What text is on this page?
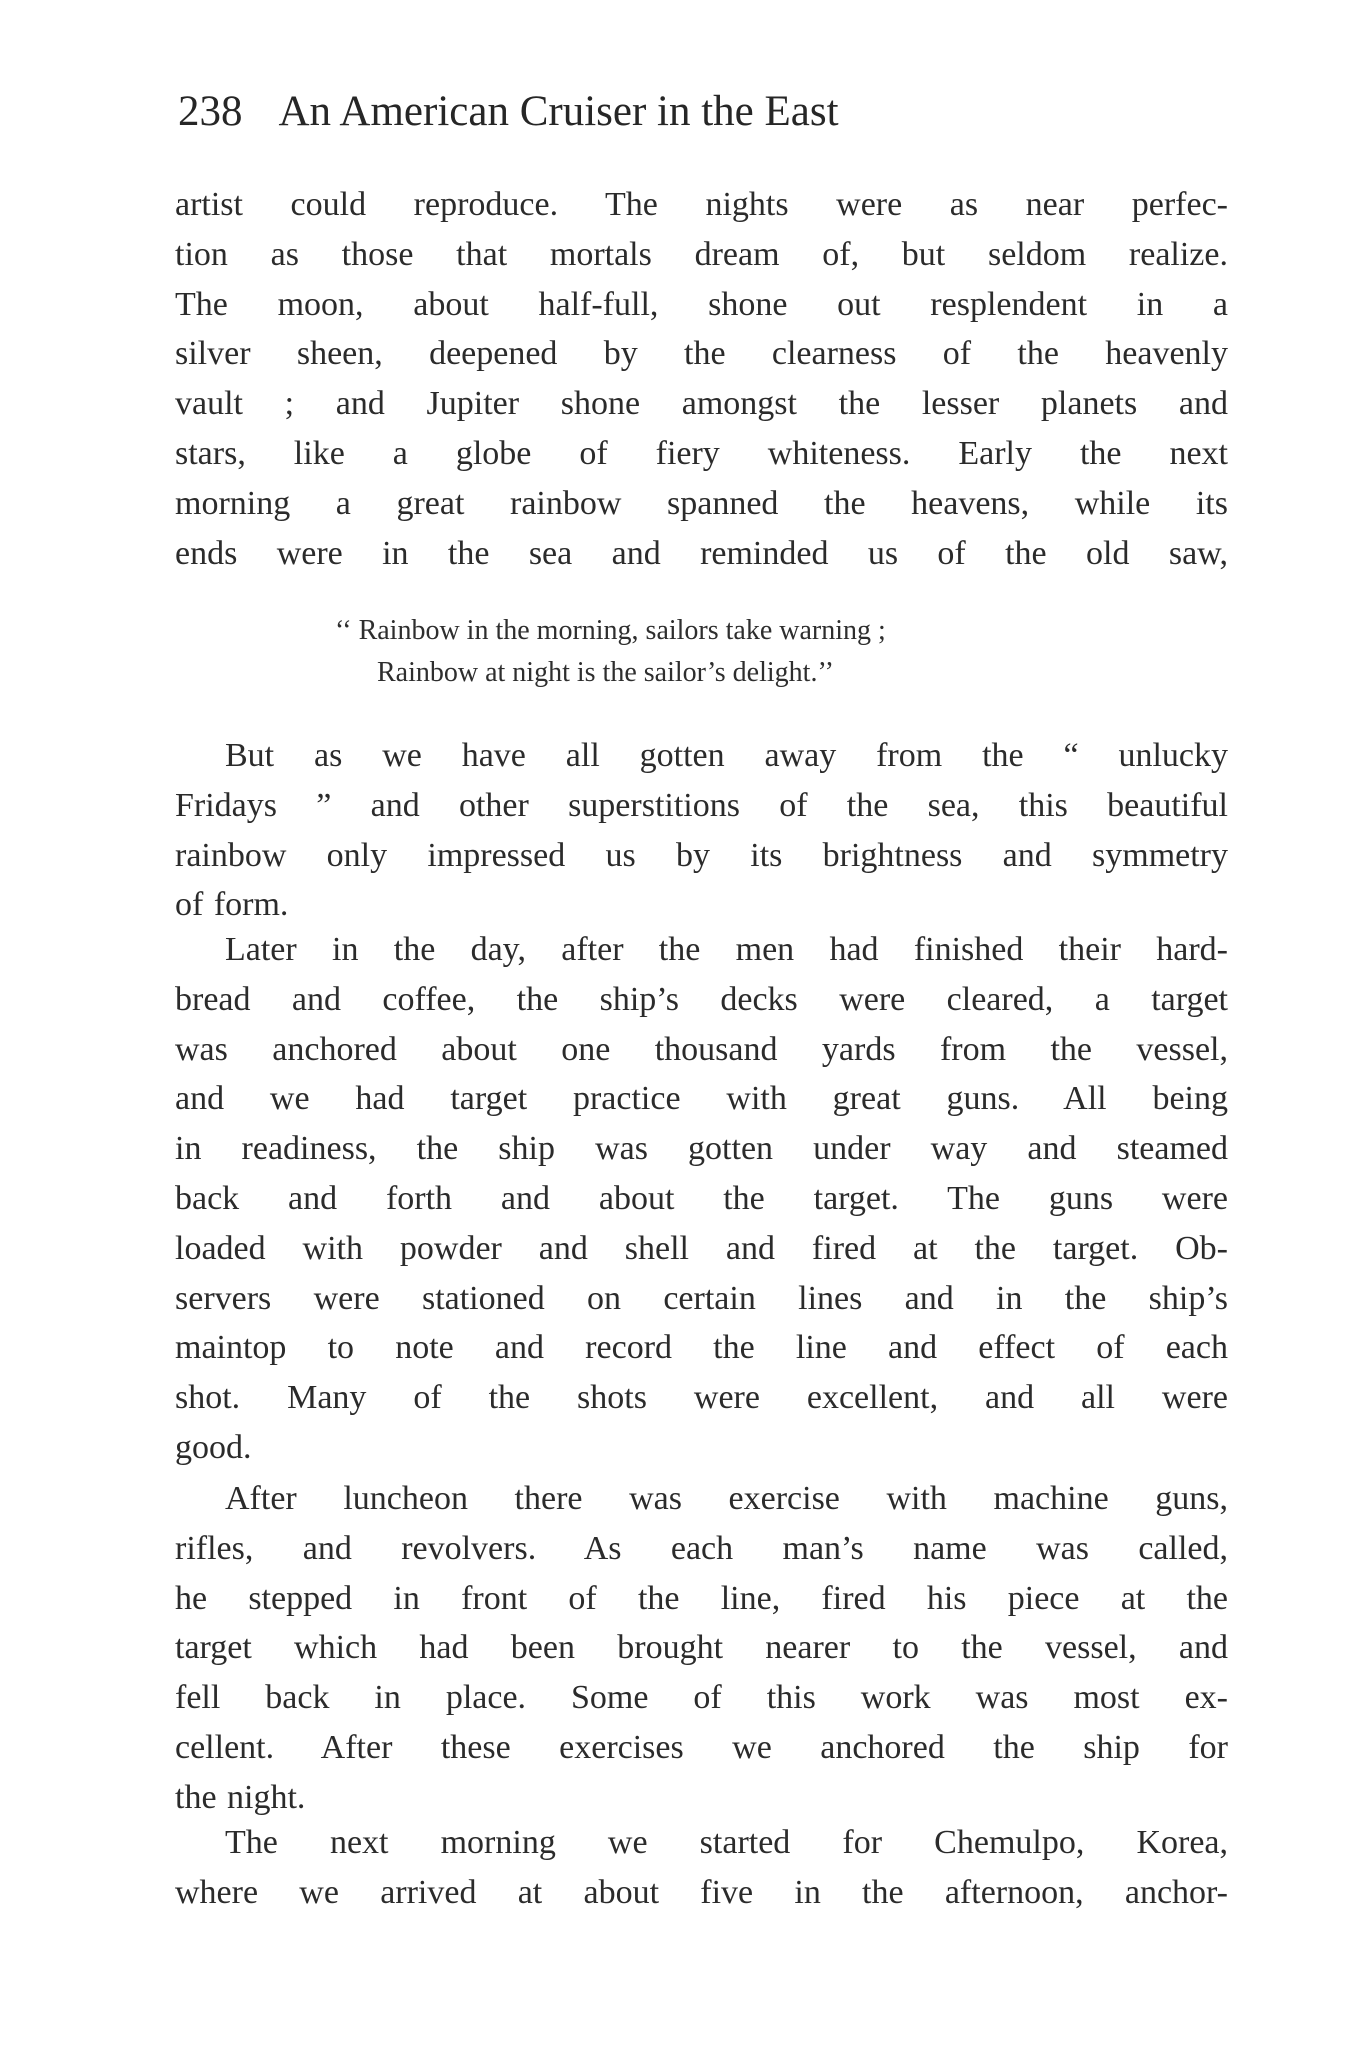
238 An American Cruiser in the East
artist could reproduce. The nights were as near perfec-
tion as those that mortals dream of, but seldom realize.
The moon, about half-full, shone out resplendent in a
silver sheen, deepened by the clearness of the heavenly
vault ; and Jupiter shone amongst the lesser planets and
stars, like a globe of fiery whiteness. Early the next
morning a great rainbow spanned the heavens, while its
ends were in the sea and reminded us of the old saw,
‘‘ Rainbow in the morning, sailors take warning ;
Rainbow at night is the sailor’s delight.’’
But as we have all gotten away from the “ unlucky
Fridays ” and other superstitions of the sea, this beautiful
rainbow only impressed us by its brightness and symmetry
of form.
Later in the day, after the men had finished their hard-
bread and coffee, the ship’s decks were cleared, a target
was anchored about one thousand yards from the vessel,
and we had target practice with great guns. All being
in readiness, the ship was gotten under way and steamed
back and forth and about the target. The guns were
loaded with powder and shell and fired at the target. Ob-
servers were stationed on certain lines and in the ship’s
maintop to note and record the line and effect of each
shot. Many of the shots were excellent, and all were
good.
After luncheon there was exercise with machine guns,
rifles, and revolvers. As each man’s name was called,
he stepped in front of the line, fired his piece at the
target which had been brought nearer to the vessel, and
fell back in place. Some of this work was most ex-
cellent. After these exercises we anchored the ship for
the night.
The next morning we started for Chemulpo, Korea,
where we arrived at about five in the afternoon, anchor-
